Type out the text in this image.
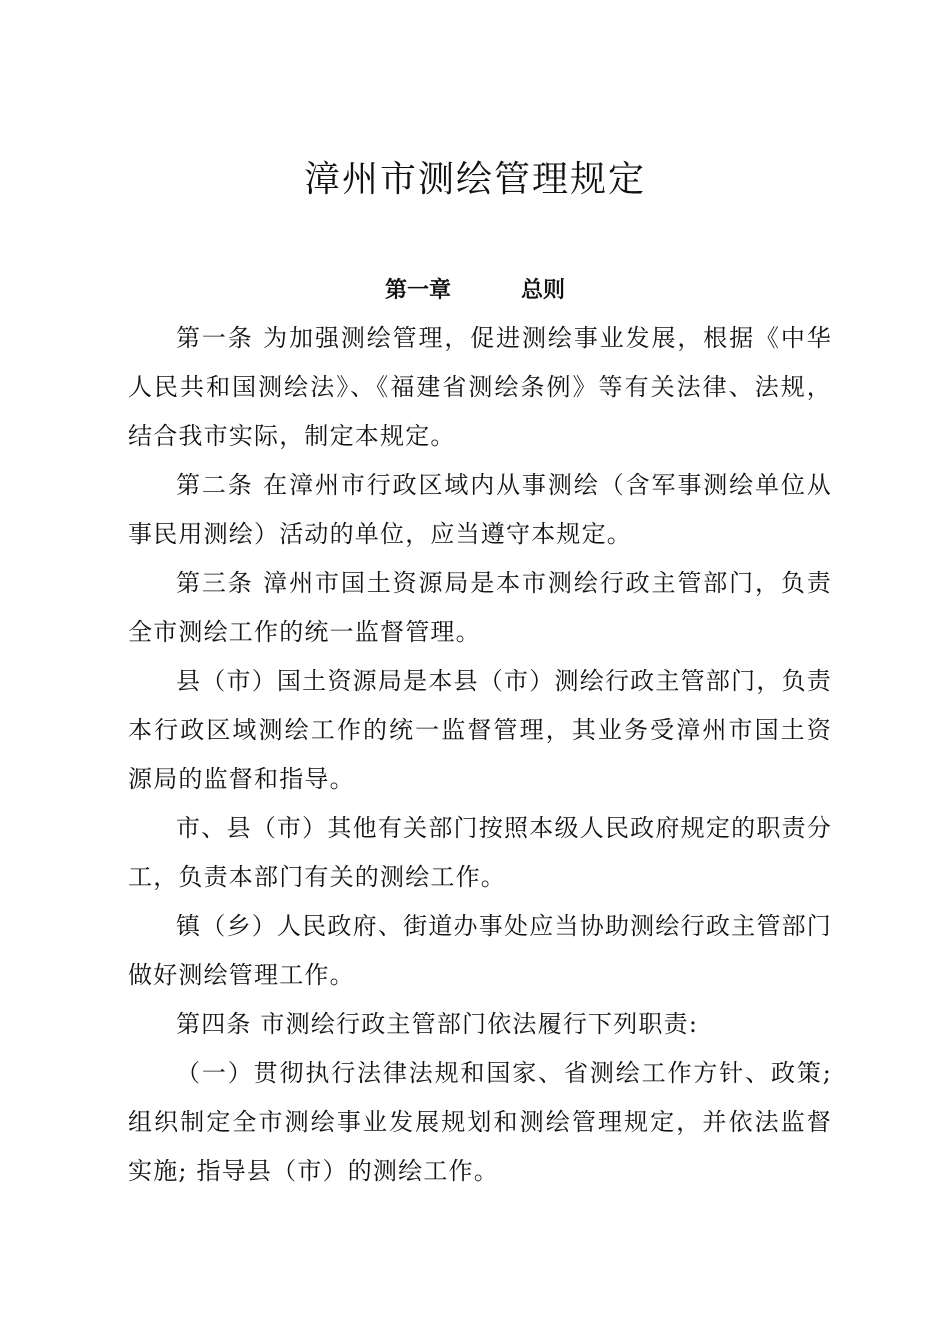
漳州市测绘管理规定
第一章	总则

第一条 为加强测绘管理，促进测绘事业发展，根据《中华人民共和国测绘法》、《福建省测绘条例》等有关法律、法规，结合我市实际，制定本规定。

第二条 在漳州市行政区域内从事测绘（含军事测绘单位从事民用测绘）活动的单位，应当遵守本规定。

第三条 漳州市国土资源局是本市测绘行政主管部门，负责全市测绘工作的统一监督管理。

县（市）国土资源局是本县（市）测绘行政主管部门，负责本行政区域测绘工作的统一监督管理，其业务受漳州市国土资源局的监督和指导。

市、县（市）其他有关部门按照本级人民政府规定的职责分工，负责本部门有关的测绘工作。

镇（乡）人民政府、街道办事处应当协助测绘行政主管部门做好测绘管理工作。

第四条 市测绘行政主管部门依法履行下列职责:

（一）贯彻执行法律法规和国家、省测绘工作方针、政策;组织制定全市测绘事业发展规划和测绘管理规定，并依法监督实施; 指导县（市）的测绘工作。
